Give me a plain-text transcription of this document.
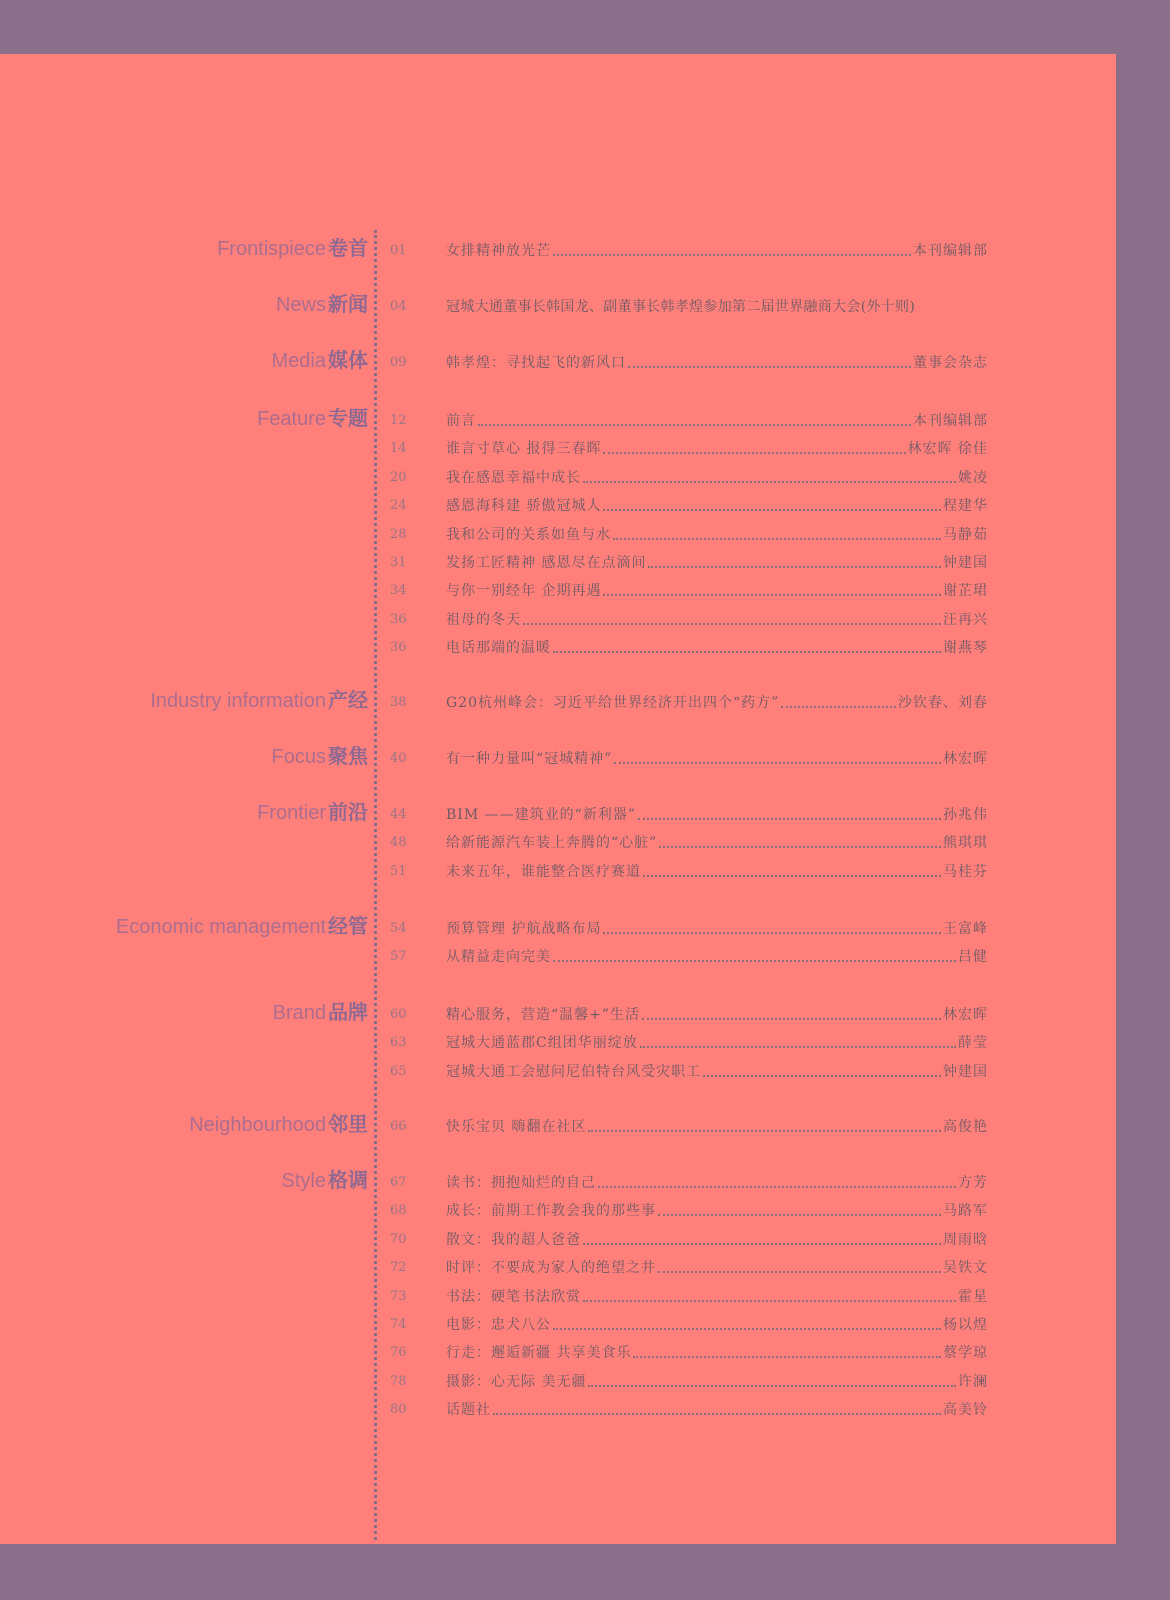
Frontispiece 卷首 01	女排精神放光芒	本刊编辑部
News 新闻 04	冠城大通董事长韩国龙、副董事长韩孝煌参加第二届世界融商大会(外十则)
Media 媒体 09	韩孝煌：寻找起飞的新风口	董事会杂志
Feature 专题 12	前言	本刊编辑部
14	谁言寸草心 报得三春晖	林宏晖 徐佳
20	我在感恩幸福中成长	姚凌
24	感恩海科建 骄傲冠城人	程建华
28	我和公司的关系如鱼与水	马静茹
31	发扬工匠精神 感恩尽在点滴间	钟建国
34	与你一别经年 企期再遇	谢芷珺
36	祖母的冬天	汪再兴
36	电话那端的温暖	谢燕琴
Industry information 产经 38	G20杭州峰会：习近平给世界经济开出四个“药方”	沙钦春、刘春
Focus 聚焦 40	有一种力量叫“冠城精神”	林宏晖
Frontier 前沿 44	BIM ——建筑业的“新利器”	孙兆伟
48	给新能源汽车装上奔腾的“心脏”	熊琪琪
51	未来五年，谁能整合医疗赛道	马桂芬
Economic management 经管 54	预算管理 护航战略布局	王富峰
57	从精益走向完美	吕健
Brand 品牌 60	精心服务，营造“温馨+”生活	林宏晖
63	冠城大通蓝郡C组团华丽绽放	薛莹
65	冠城大通工会慰问尼伯特台风受灾职工	钟建国
Neighbourhood 邻里 66	快乐宝贝 嗨翻在社区	高俊艳
Style 格调 67	读书：拥抱灿烂的自己	方芳
68	成长：前期工作教会我的那些事	马路军
70	散文：我的超人爸爸	周雨晗
72	时评：不要成为家人的绝望之井	吴铁文
73	书法：硬笔书法欣赏	霍星
74	电影：忠犬八公	杨以煌
76	行走：邂逅新疆 共享美食乐	蔡学琼
78	摄影：心无际 美无疆	许澜
80	话题社	高美铃
